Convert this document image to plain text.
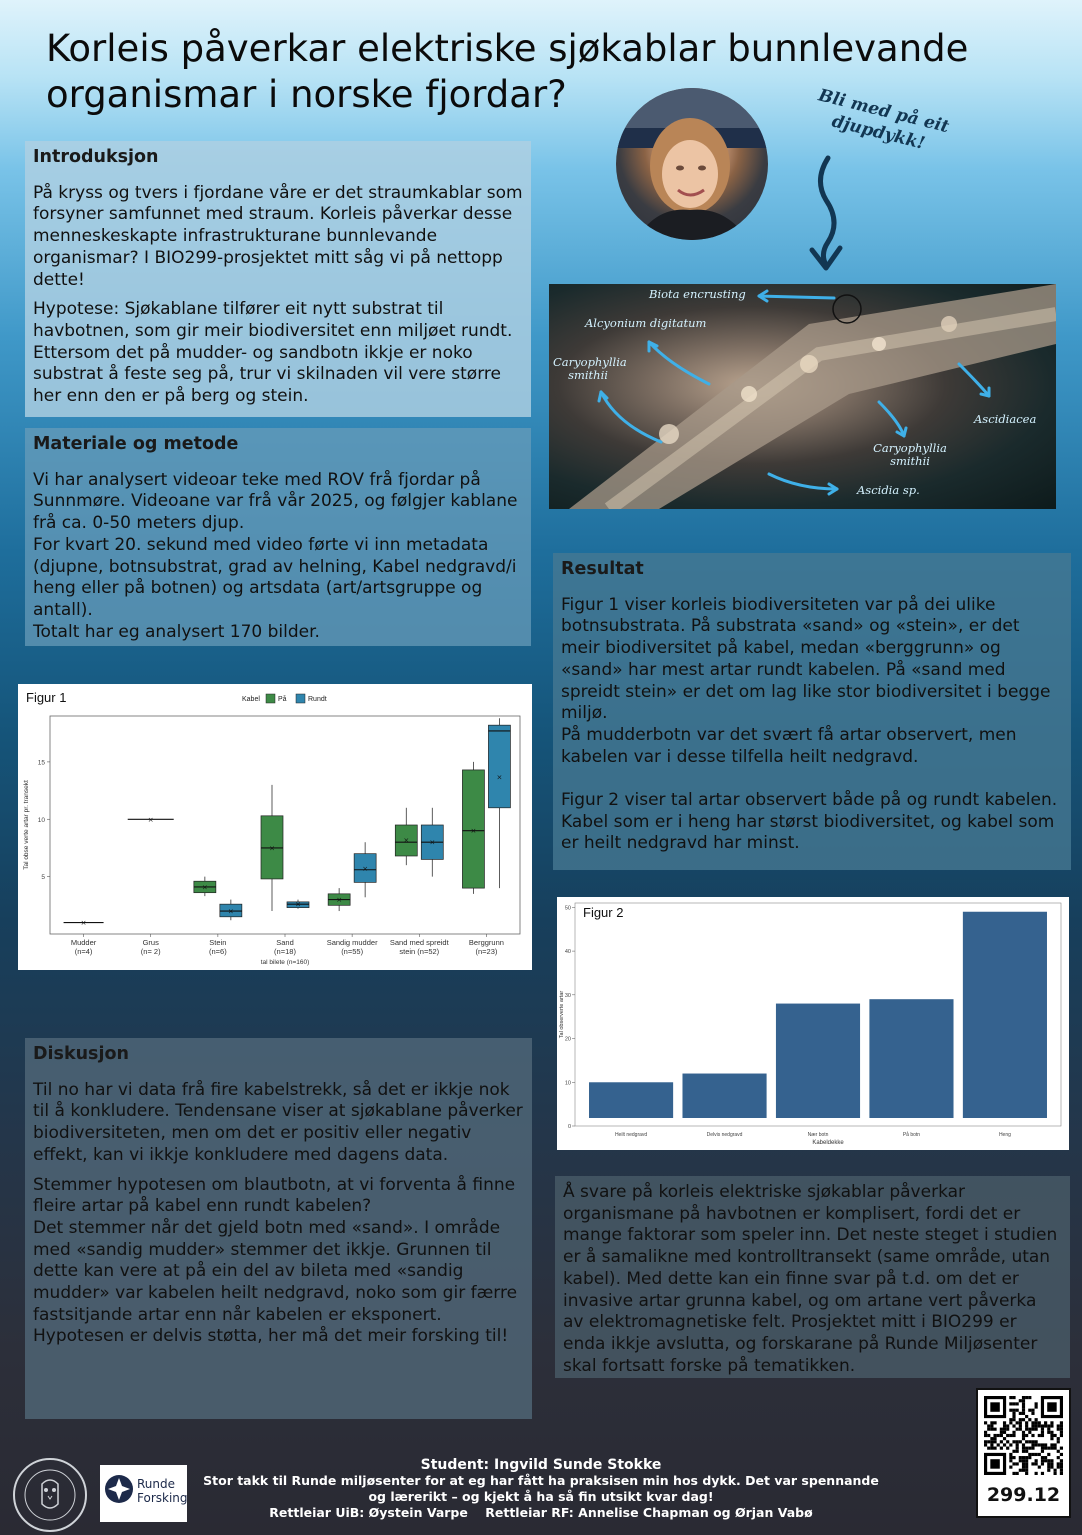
Korleis påverkar elektriske sjøkablar bunnlevande organismar i norske fjordar?
Introduksjon

På kryss og tvers i fjordane våre er det straumkablar som forsyner samfunnet med straum. Korleis påverkar desse menneskeskapte infrastrukturane bunnlevande organismar? I BIO299-prosjektet mitt såg vi på nettopp dette!

Hypotese: Sjøkablane tilfører eit nytt substrat til havbotnen, som gir meir biodiversitet enn miljøet rundt. Ettersom det på mudder- og sandbotn ikkje er noko substrat å feste seg på, trur vi skilnaden vil vere større her enn den er på berg og stein.

Bli med på eit djupdykk!
Biota encrusting
Alcyonium digitatum
Caryophyllia smithii
Ascidiacea
Caryophyllia smithii
Ascidia sp.
Materiale og metode
Vi har analysert videoar teke med ROV frå fjordar på Sunnmøre. Videoane var frå vår 2025, og følgjer kablane frå ca. 0-50 meters djup.
For kvart 20. sekund med video førte vi inn metadata (djupne, botnsubstrat, grad av helning, Kabel nedgravd/i heng eller på botnen) og artsdata (art/artsgruppe og antall).
Totalt har eg analysert 170 bilder.
Resultat
Figur 1 viser korleis biodiversiteten var på dei ulike botnsubstrata. På substrata «sand» og «stein», er det meir biodiversitet på kabel, medan «berggrunn» og «sand» har mest artar rundt kabelen. På «sand med spreidt stein» er det om lag like stor biodiversitet i begge miljø.
På mudderbotn var det svært få artar observert, men kabelen var i desse tilfella heilt nedgravd.

Figur 2 viser tal artar observert både på og rundt kabelen. Kabel som er i heng har størst biodiversitet, og kabel som er heilt nedgravd har minst.
Figur 1	Kabel	På	Rundt
5
10
15
Tal obse verte artar pr. transekt
Mudder
(n=4)
Grus
(n= 2)
Stein
(n=6)
Sand
(n=18)
Sandig mudder
(n=55)
Sand med spreidt
stein (n=52)
Berggrunn
(n=23)
tal bilete (n=160)
×
×
×
×
×
×
×
×
×	×
×
×
Figur 2
0
10
20
30
40
50
Tal observerte artar
Heilt nedgravd	Delvis nedgravd	Nær botn	På botn	Heng
Kabeldekke
Diskusjon

Til no har vi data frå fire kabelstrekk, så det er ikkje nok til å konkludere. Tendensane viser at sjøkablane påverker biodiversiteten, men om det er positiv eller negativ effekt, kan vi ikkje konkludere med dagens data.

Stemmer hypotesen om blautbotn, at vi forventa å finne fleire artar på kabel enn rundt kabelen?
Det stemmer når det gjeld botn med «sand». I område med «sandig mudder» stemmer det ikkje. Grunnen til dette kan vere at på ein del av bileta med «sandig mudder» var kabelen heilt nedgravd, noko som gir færre fastsitjande artar enn når kabelen er eksponert. Hypotesen er delvis støtta, her må det meir forsking til!

Å svare på korleis elektriske sjøkablar påverkar organismane på havbotnen er komplisert, fordi det er mange faktorar som speler inn. Det neste steget i studien er å samalikne med kontrolltransekt (same område, utan kabel). Med dette kan ein finne svar på t.d. om det er invasive artar grunna kabel, og om artane vert påverka av elektromagnetiske felt. Prosjektet mitt i BIO299 er enda ikkje avslutta, og forskarane på Runde Miljøsenter skal fortsatt forske på tematikken.
Runde
Forsking
Student: Ingvild Sunde Stokke
Stor takk til Runde miljøsenter for at eg har fått ha praksisen min hos dykk. Det var spennande og lærerikt – og kjekt å ha så fin utsikt kvar dag!
Rettleiar UiB: Øystein Varpe    Rettleiar RF: Annelise Chapman og Ørjan Vabø
299.12
